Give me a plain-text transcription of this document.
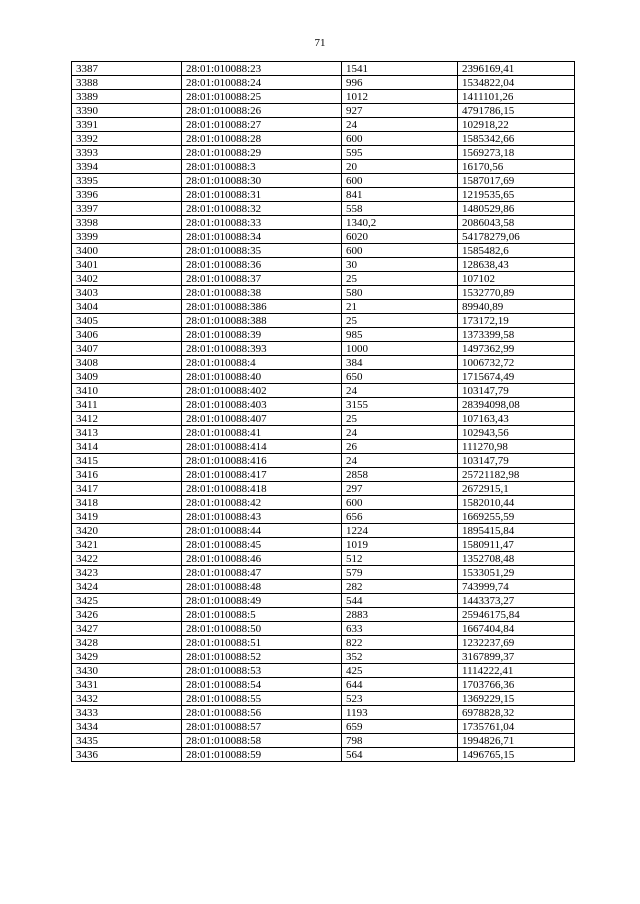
71
3387	28:01:010088:23	1541	2396169,41
3388	28:01:010088:24	996	1534822,04
3389	28:01:010088:25	1012	1411101,26
3390	28:01:010088:26	927	4791786,15
3391	28:01:010088:27	24	102918,22
3392	28:01:010088:28	600	1585342,66
3393	28:01:010088:29	595	1569273,18
3394	28:01:010088:3	20	16170,56
3395	28:01:010088:30	600	1587017,69
3396	28:01:010088:31	841	1219535,65
3397	28:01:010088:32	558	1480529,86
3398	28:01:010088:33	1340,2	2086043,58
3399	28:01:010088:34	6020	54178279,06
3400	28:01:010088:35	600	1585482,6
3401	28:01:010088:36	30	128638,43
3402	28:01:010088:37	25	107102
3403	28:01:010088:38	580	1532770,89
3404	28:01:010088:386	21	89940,89
3405	28:01:010088:388	25	173172,19
3406	28:01:010088:39	985	1373399,58
3407	28:01:010088:393	1000	1497362,99
3408	28:01:010088:4	384	1006732,72
3409	28:01:010088:40	650	1715674,49
3410	28:01:010088:402	24	103147,79
3411	28:01:010088:403	3155	28394098,08
3412	28:01:010088:407	25	107163,43
3413	28:01:010088:41	24	102943,56
3414	28:01:010088:414	26	111270,98
3415	28:01:010088:416	24	103147,79
3416	28:01:010088:417	2858	25721182,98
3417	28:01:010088:418	297	2672915,1
3418	28:01:010088:42	600	1582010,44
3419	28:01:010088:43	656	1669255,59
3420	28:01:010088:44	1224	1895415,84
3421	28:01:010088:45	1019	1580911,47
3422	28:01:010088:46	512	1352708,48
3423	28:01:010088:47	579	1533051,29
3424	28:01:010088:48	282	743999,74
3425	28:01:010088:49	544	1443373,27
3426	28:01:010088:5	2883	25946175,84
3427	28:01:010088:50	633	1667404,84
3428	28:01:010088:51	822	1232237,69
3429	28:01:010088:52	352	3167899,37
3430	28:01:010088:53	425	1114222,41
3431	28:01:010088:54	644	1703766,36
3432	28:01:010088:55	523	1369229,15
3433	28:01:010088:56	1193	6978828,32
3434	28:01:010088:57	659	1735761,04
3435	28:01:010088:58	798	1994826,71
3436	28:01:010088:59	564	1496765,15
